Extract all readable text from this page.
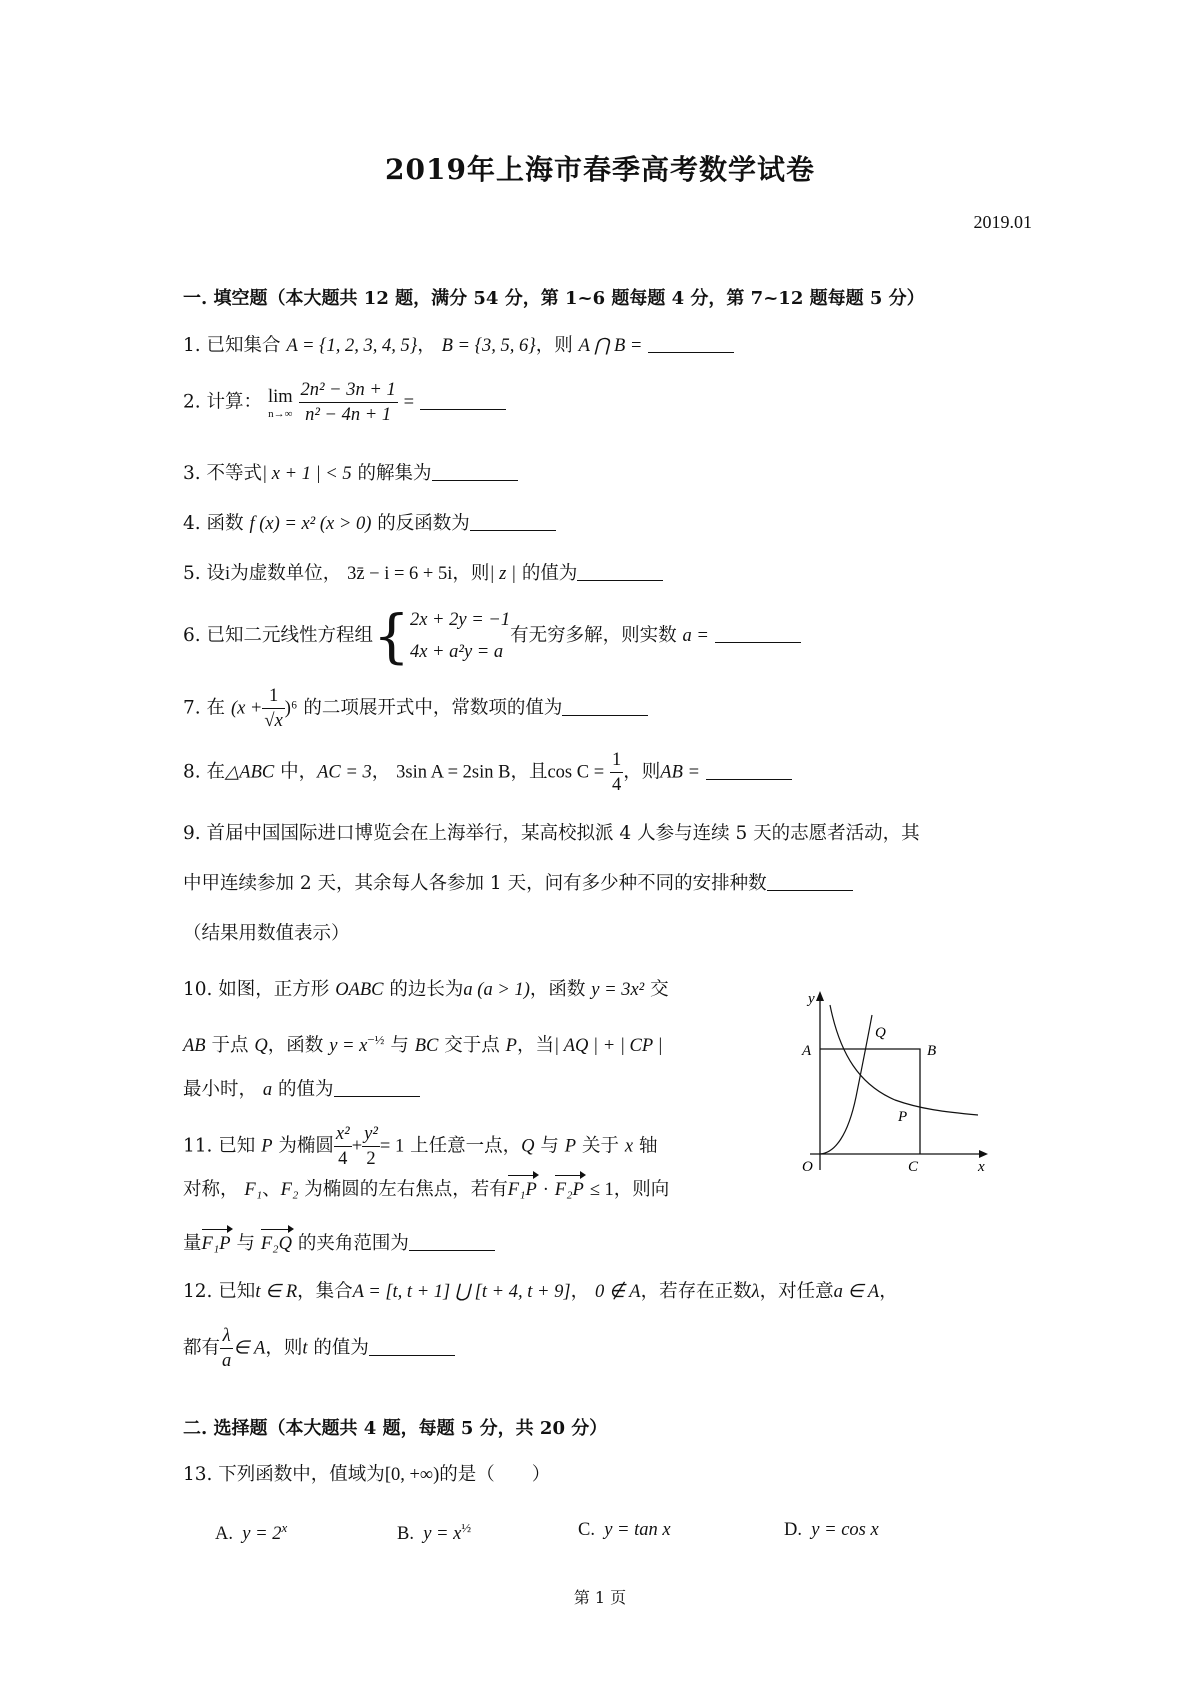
2019年上海市春季高考数学试卷
2019.01
一. 填空题（本大题共 12 题，满分 54 分，第 1~6 题每题 4 分，第 7~12 题每题 5 分）
1. 已知集合 A = {1, 2, 3, 4, 5}， B = {3, 5, 6}，则 A ⋂ B =
2. 计算： lim
n→∞
$\frac{\text{2n² − 3n + 1}}{\text{n² − 4n + 1}}$ =
3. 不等式| x + 1 | < 5 的解集为
4. 函数 f (x) = x² (x > 0) 的反函数为
5. 设i为虚数单位， 3z̄ − i = 6 + 5i，则| z | 的值为
6. 已知二元线性方程组{ 2x + 2y = −1
4x + a²y = a
有无穷多解，则实数 a =
7. 在 $(x + \frac{1}{√x} )^6$ 的二项展开式中，常数项的值为
8. 在△ABC 中，AC = 3， 3sin A = 2sin B，且$\cos C = \frac{1}{4}$ ，则AB =
9. 首届中国国际进口博览会在上海举行，某高校拟派 4 人参与连续 5 天的志愿者活动，其
中甲连续参加 2 天，其余每人各参加 1 天，问有多少种不同的安排种数
（结果用数值表示）
10. 如图，正方形 OABC 的边长为a (a > 1)，函数 y = 3x² 交
AB 于点 Q，函数 $y = x^{-\frac{1}{2}}$ 与 BC 交于点 P，当| AQ | + | CP |
最小时， a 的值为
y
x
O
A	B
C
P
Q
11. 已知 P 为椭圆 $\frac{\text{x²}}{4} + \frac{\text{y²}}{2} = 1$ 上任意一点，Q 与 P 关于 x 轴
对称， F₁、F₂ 为椭圆的左右焦点，若有F₁P · F₂P ≤ 1，则向
量F₁P 与 F₂Q 的夹角范围为
12. 已知t ∈ R，集合A = [t, t + 1] ⋃ [t + 4, t + 9]， 0 ∉ A，若存在正数λ，对任意a ∈ A，
都有 $\frac{\lambda}{a}$ ∈ A，则t 的值为
二. 选择题（本大题共 4 题，每题 5 分，共 20 分）
13. 下列函数中，值域为[0, +∞)的是（　　）
A. $y = 2^x$	B. $y = x^{\frac{1}{2}}$	C. y = tan x	D. y = cos x
第 1 页
